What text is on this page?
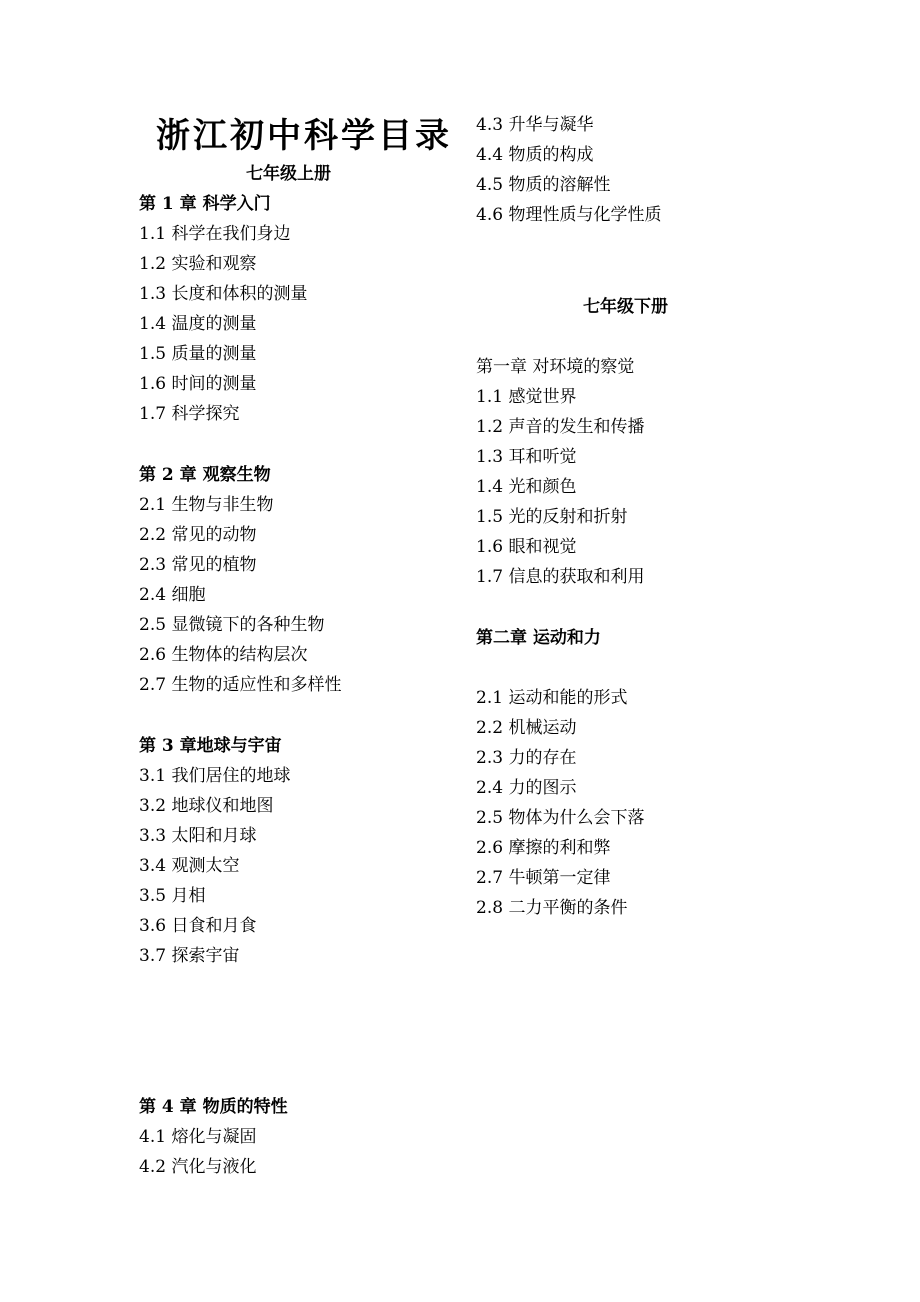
浙江初中科学目录
七年级上册
第 1 章 科学入门
1.1 科学在我们身边
1.2 实验和观察
1.3 长度和体积的测量
1.4 温度的测量
1.5 质量的测量
1.6 时间的测量
1.7 科学探究
第 2 章 观察生物
2.1 生物与非生物
2.2 常见的动物
2.3 常见的植物
2.4 细胞
2.5 显微镜下的各种生物
2.6 生物体的结构层次
2.7 生物的适应性和多样性
第 3 章地球与宇宙
3.1 我们居住的地球
3.2 地球仪和地图
3.3 太阳和月球
3.4 观测太空
3.5 月相
3.6 日食和月食
3.7 探索宇宙
第 4 章 物质的特性
4.1 熔化与凝固
4.2 汽化与液化
4.3 升华与凝华
4.4 物质的构成
4.5 物质的溶解性
4.6 物理性质与化学性质
七年级下册
第一章 对环境的察觉
1.1 感觉世界
1.2 声音的发生和传播
1.3 耳和听觉
1.4 光和颜色
1.5 光的反射和折射
1.6 眼和视觉
1.7 信息的获取和利用
第二章 运动和力
2.1 运动和能的形式
2.2 机械运动
2.3 力的存在
2.4 力的图示
2.5 物体为什么会下落
2.6 摩擦的利和弊
2.7 牛顿第一定律
2.8 二力平衡的条件
